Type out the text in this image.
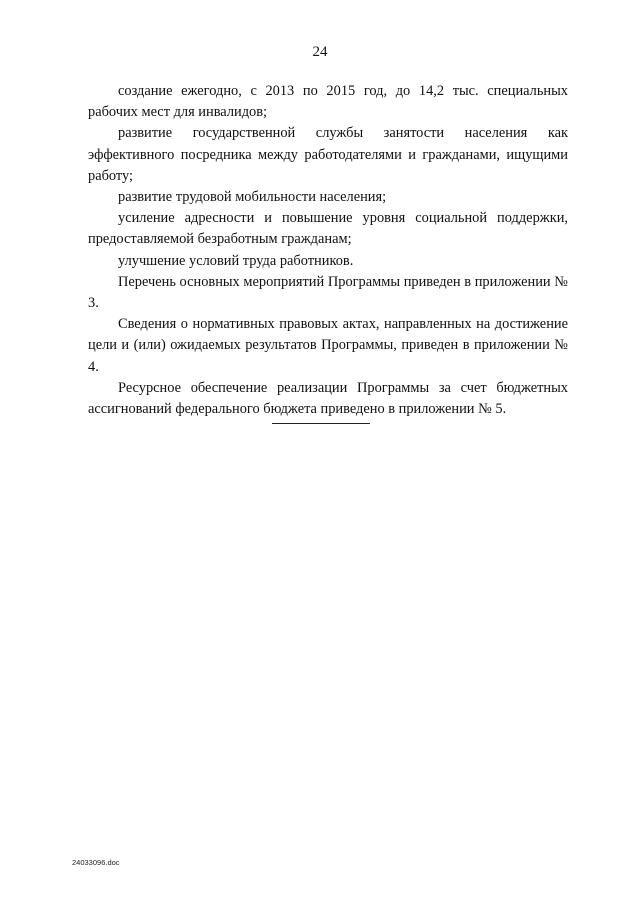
24

создание ежегодно, с 2013 по 2015 год, до 14,2 тыс. специальных рабочих мест для инвалидов;

развитие государственной службы занятости населения как эффективного посредника между работодателями и гражданами, ищущими работу;

развитие трудовой мобильности населения;

усиление адресности и повышение уровня социальной поддержки, предоставляемой безработным гражданам;

улучшение условий труда работников.

Перечень основных мероприятий Программы приведен в приложении № 3.

Сведения о нормативных правовых актах, направленных на достижение цели и (или) ожидаемых результатов Программы, приведен в приложении № 4.

Ресурсное обеспечение реализации Программы за счет бюджетных ассигнований федерального бюджета приведено в приложении № 5.

24033096.doc
